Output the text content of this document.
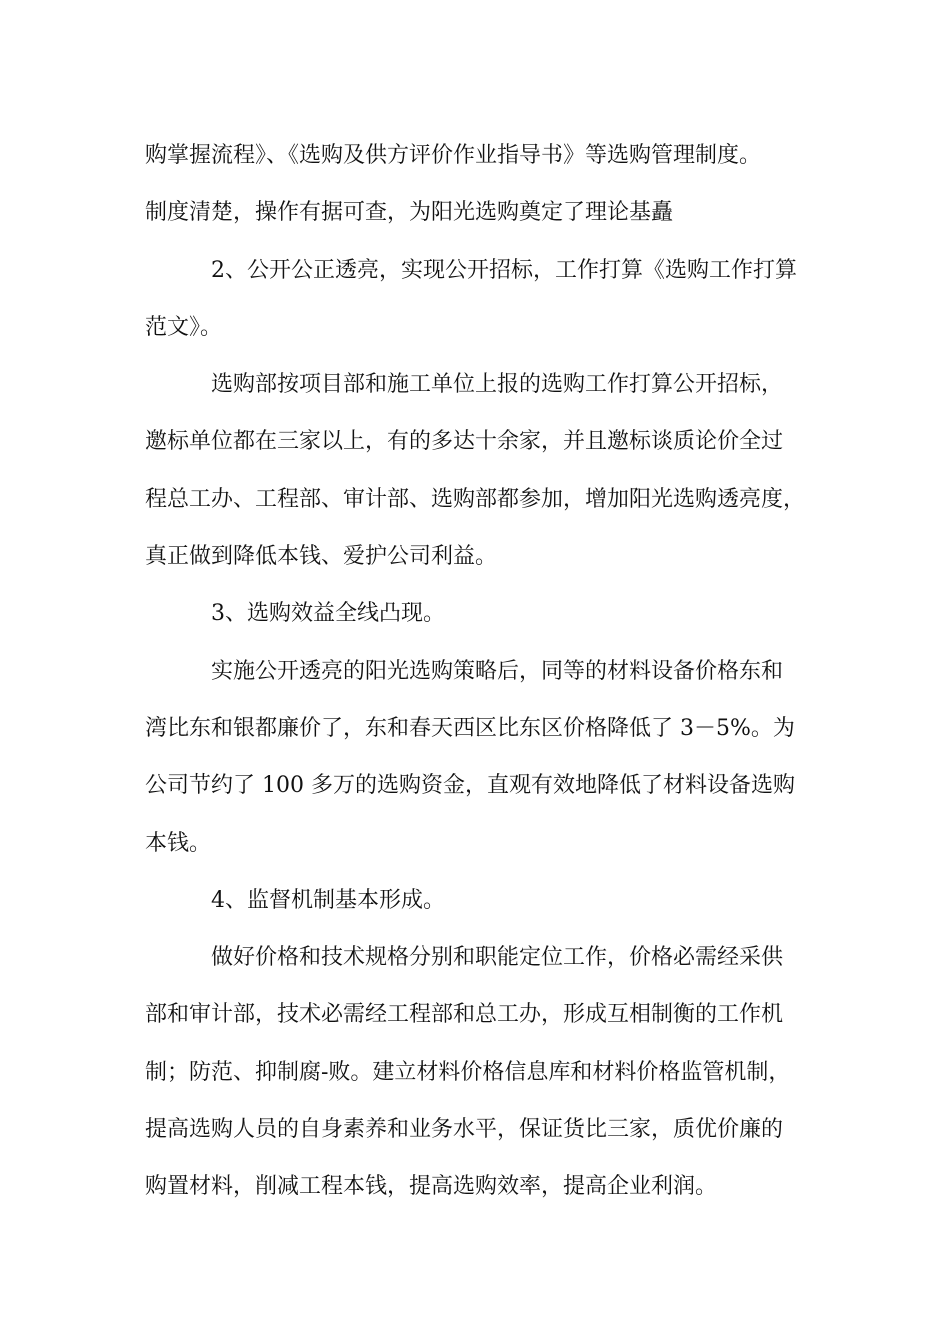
购掌握流程》、《选购及供方评价作业指导书》等选购管理制度。
制度清楚，操作有据可查，为阳光选购奠定了理论基矗
2、公开公正透亮，实现公开招标，工作打算《选购工作打算
范文》。
选购部按项目部和施工单位上报的选购工作打算公开招标，
邀标单位都在三家以上，有的多达十余家，并且邀标谈质论价全过
程总工办、工程部、审计部、选购部都参加，增加阳光选购透亮度，
真正做到降低本钱、爱护公司利益。
3、选购效益全线凸现。
实施公开透亮的阳光选购策略后，同等的材料设备价格东和
湾比东和银都廉价了，东和春天西区比东区价格降低了 3－5%。为
公司节约了 100 多万的选购资金，直观有效地降低了材料设备选购
本钱。
4、监督机制基本形成。
做好价格和技术规格分别和职能定位工作，价格必需经采供
部和审计部，技术必需经工程部和总工办，形成互相制衡的工作机
制；防范、抑制腐-败。建立材料价格信息库和材料价格监管机制，
提高选购人员的自身素养和业务水平，保证货比三家，质优价廉的
购置材料，削减工程本钱，提高选购效率，提高企业利润。
